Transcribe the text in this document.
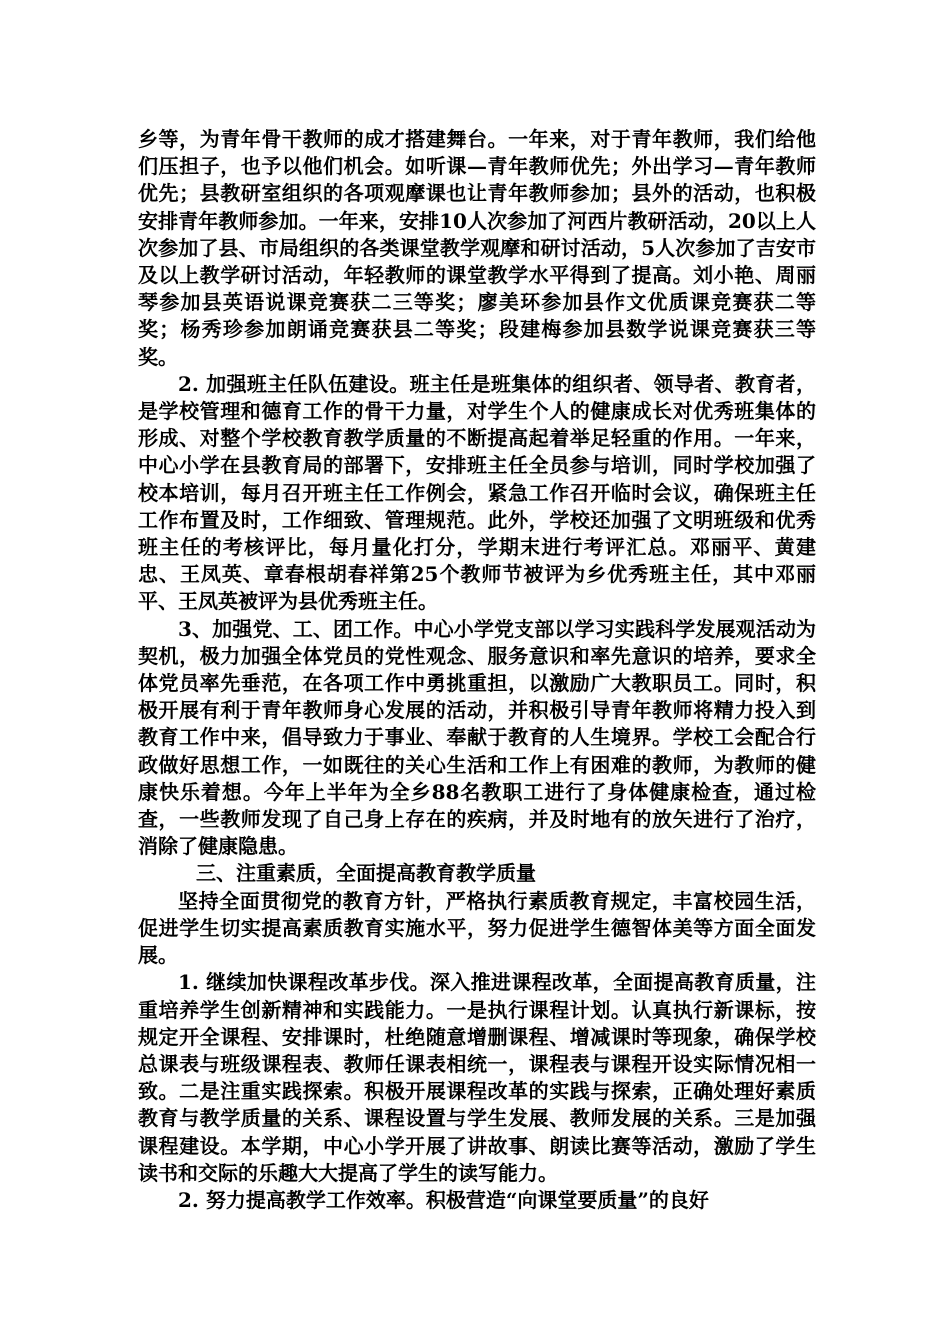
乡等，为青年骨干教师的成才搭建舞台。一年来，对于青年教师，我们给他们压担子，也予以他们机会。如听课—青年教师优先；外出学习—青年教师优先；县教研室组织的各项观摩课也让青年教师参加；县外的活动，也积极安排青年教师参加。一年来，安排10人次参加了河西片教研活动，20以上人次参加了县、市局组织的各类课堂教学观摩和研讨活动，5人次参加了吉安市及以上教学研讨活动，年轻教师的课堂教学水平得到了提高。刘小艳、周丽琴参加县英语说课竞赛获二三等奖；廖美环参加县作文优质课竞赛获二等奖；杨秀珍参加朗诵竞赛获县二等奖；段建梅参加县数学说课竞赛获三等奖。

2. 加强班主任队伍建设。班主任是班集体的组织者、领导者、教育者，是学校管理和德育工作的骨干力量，对学生个人的健康成长对优秀班集体的形成、对整个学校教育教学质量的不断提高起着举足轻重的作用。一年来，中心小学在县教育局的部署下，安排班主任全员参与培训，同时学校加强了校本培训，每月召开班主任工作例会，紧急工作召开临时会议，确保班主任工作布置及时，工作细致、管理规范。此外，学校还加强了文明班级和优秀班主任的考核评比，每月量化打分，学期末进行考评汇总。邓丽平、黄建忠、王凤英、章春根胡春祥第25个教师节被评为乡优秀班主任，其中邓丽平、王凤英被评为县优秀班主任。

3、加强党、工、团工作。中心小学党支部以学习实践科学发展观活动为契机，极力加强全体党员的党性观念、服务意识和率先意识的培养，要求全体党员率先垂范，在各项工作中勇挑重担，以激励广大教职员工。同时，积极开展有利于青年教师身心发展的活动，并积极引导青年教师将精力投入到教育工作中来，倡导致力于事业、奉献于教育的人生境界。学校工会配合行政做好思想工作，一如既往的关心生活和工作上有困难的教师，为教师的健康快乐着想。今年上半年为全乡88名教职工进行了身体健康检查，通过检查，一些教师发现了自己身上存在的疾病，并及时地有的放矢进行了治疗，消除了健康隐患。

三、注重素质，全面提高教育教学质量

坚持全面贯彻党的教育方针，严格执行素质教育规定，丰富校园生活，促进学生切实提高素质教育实施水平，努力促进学生德智体美等方面全面发展。

1. 继续加快课程改革步伐。深入推进课程改革，全面提高教育质量，注重培养学生创新精神和实践能力。一是执行课程计划。认真执行新课标，按规定开全课程、安排课时，杜绝随意增删课程、增减课时等现象，确保学校总课表与班级课程表、教师任课表相统一，课程表与课程开设实际情况相一致。二是注重实践探索。积极开展课程改革的实践与探索，正确处理好素质教育与教学质量的关系、课程设置与学生发展、教师发展的关系。三是加强课程建设。本学期，中心小学开展了讲故事、朗读比赛等活动，激励了学生读书和交际的乐趣大大提高了学生的读写能力。

2. 努力提高教学工作效率。积极营造“向课堂要质量”的良好
